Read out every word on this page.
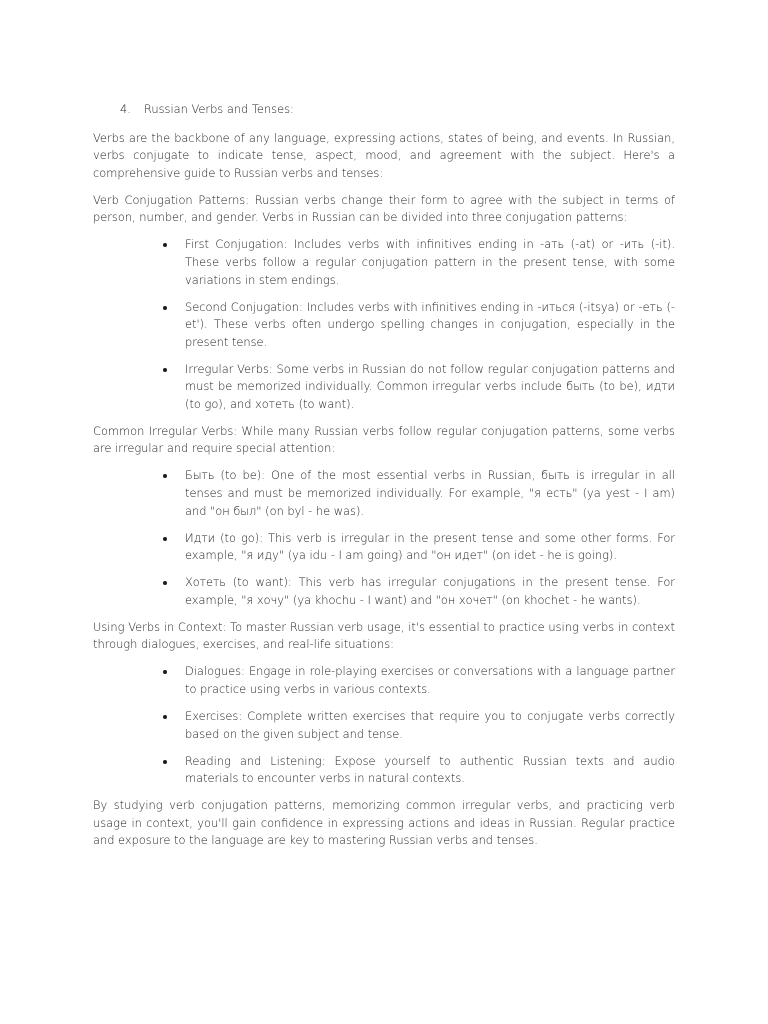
4.	Russian Verbs and Tenses:

Verbs are the backbone of any language, expressing actions, states of being, and events. In Russian, verbs conjugate to indicate tense, aspect, mood, and agreement with the subject. Here's a comprehensive guide to Russian verbs and tenses:

Verb Conjugation Patterns: Russian verbs change their form to agree with the subject in terms of person, number, and gender. Verbs in Russian can be divided into three conjugation patterns:

First Conjugation: Includes verbs with infinitives ending in -ать (-at) or -ить (-it). These verbs follow a regular conjugation pattern in the present tense, with some variations in stem endings.
Second Conjugation: Includes verbs with infinitives ending in -иться (-itsya) or -еть (-et'). These verbs often undergo spelling changes in conjugation, especially in the present tense.
Irregular Verbs: Some verbs in Russian do not follow regular conjugation patterns and must be memorized individually. Common irregular verbs include быть (to be), идти (to go), and хотеть (to want).

Common Irregular Verbs: While many Russian verbs follow regular conjugation patterns, some verbs are irregular and require special attention:

Быть (to be): One of the most essential verbs in Russian, быть is irregular in all tenses and must be memorized individually. For example, "я есть" (ya yest - I am) and "он был" (on byl - he was).
Идти (to go): This verb is irregular in the present tense and some other forms. For example, "я иду" (ya idu - I am going) and "он идет" (on idet - he is going).
Хотеть (to want): This verb has irregular conjugations in the present tense. For example, "я хочу" (ya khochu - I want) and "он хочет" (on khochet - he wants).

Using Verbs in Context: To master Russian verb usage, it's essential to practice using verbs in context through dialogues, exercises, and real-life situations:

Dialogues: Engage in role-playing exercises or conversations with a language partner to practice using verbs in various contexts.
Exercises: Complete written exercises that require you to conjugate verbs correctly based on the given subject and tense.
Reading and Listening: Expose yourself to authentic Russian texts and audio materials to encounter verbs in natural contexts.

By studying verb conjugation patterns, memorizing common irregular verbs, and practicing verb usage in context, you'll gain confidence in expressing actions and ideas in Russian. Regular practice and exposure to the language are key to mastering Russian verbs and tenses.
